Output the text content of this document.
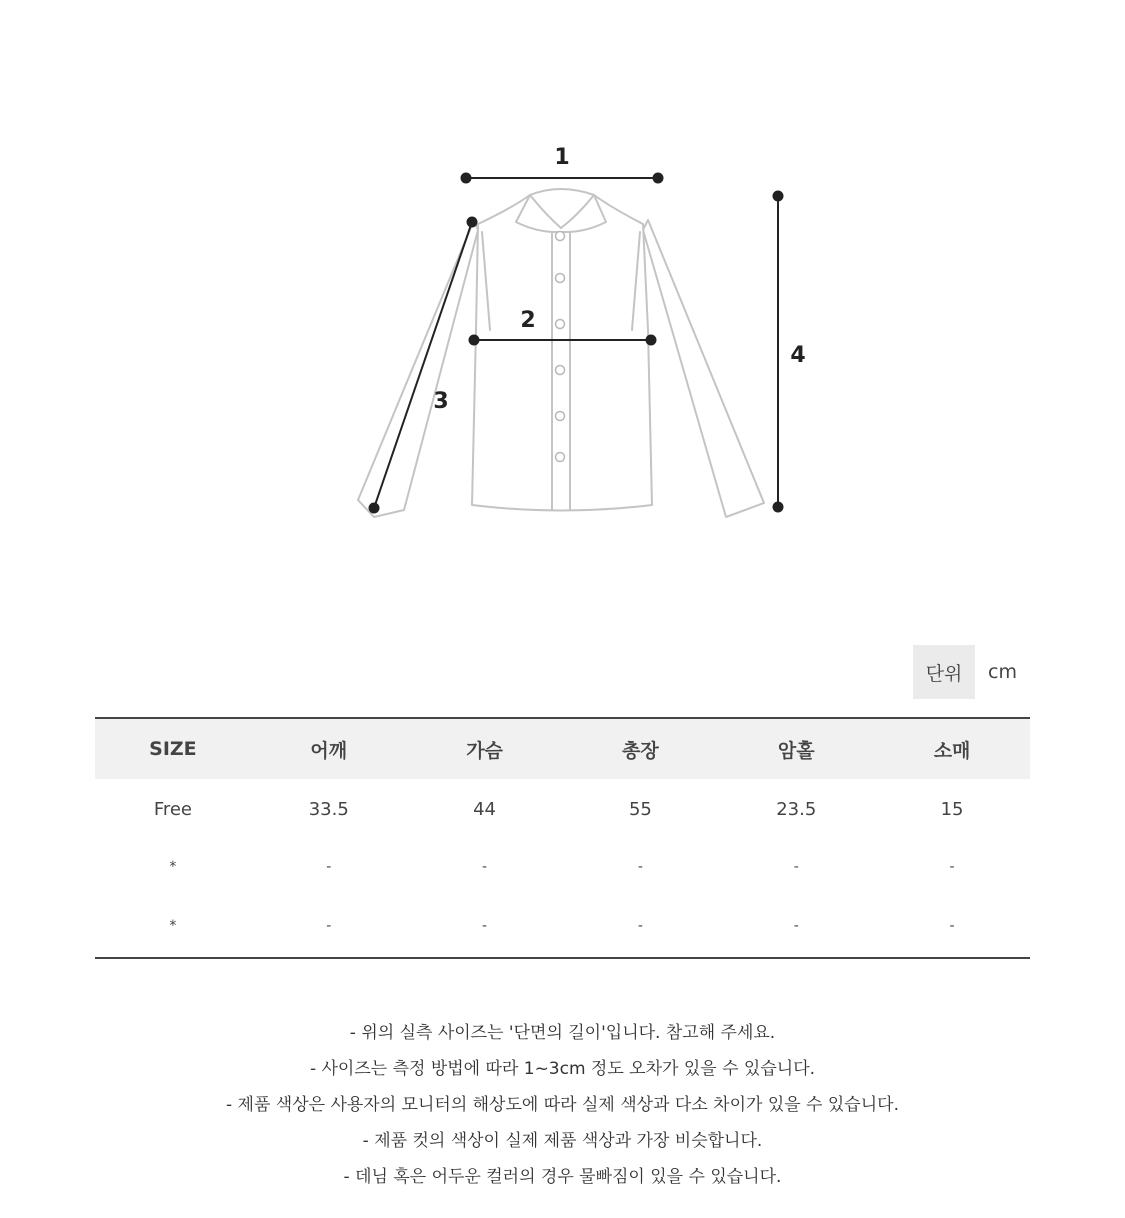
1
2
3
4
단위	cm
SIZE	어깨	가슴	총장	암홀	소매
Free	33.5	44	55	23.5	15
*	-	-	-	-	-
*	-	-	-	-	-

- 위의 실측 사이즈는 '단면의 길이'입니다. 참고해 주세요.

- 사이즈는 측정 방법에 따라 1~3cm 정도 오차가 있을 수 있습니다.

- 제품 색상은 사용자의 모니터의 해상도에 따라 실제 색상과 다소 차이가 있을 수 있습니다.

- 제품 컷의 색상이 실제 제품 색상과 가장 비슷합니다.

- 데님 혹은 어두운 컬러의 경우 물빠짐이 있을 수 있습니다.
